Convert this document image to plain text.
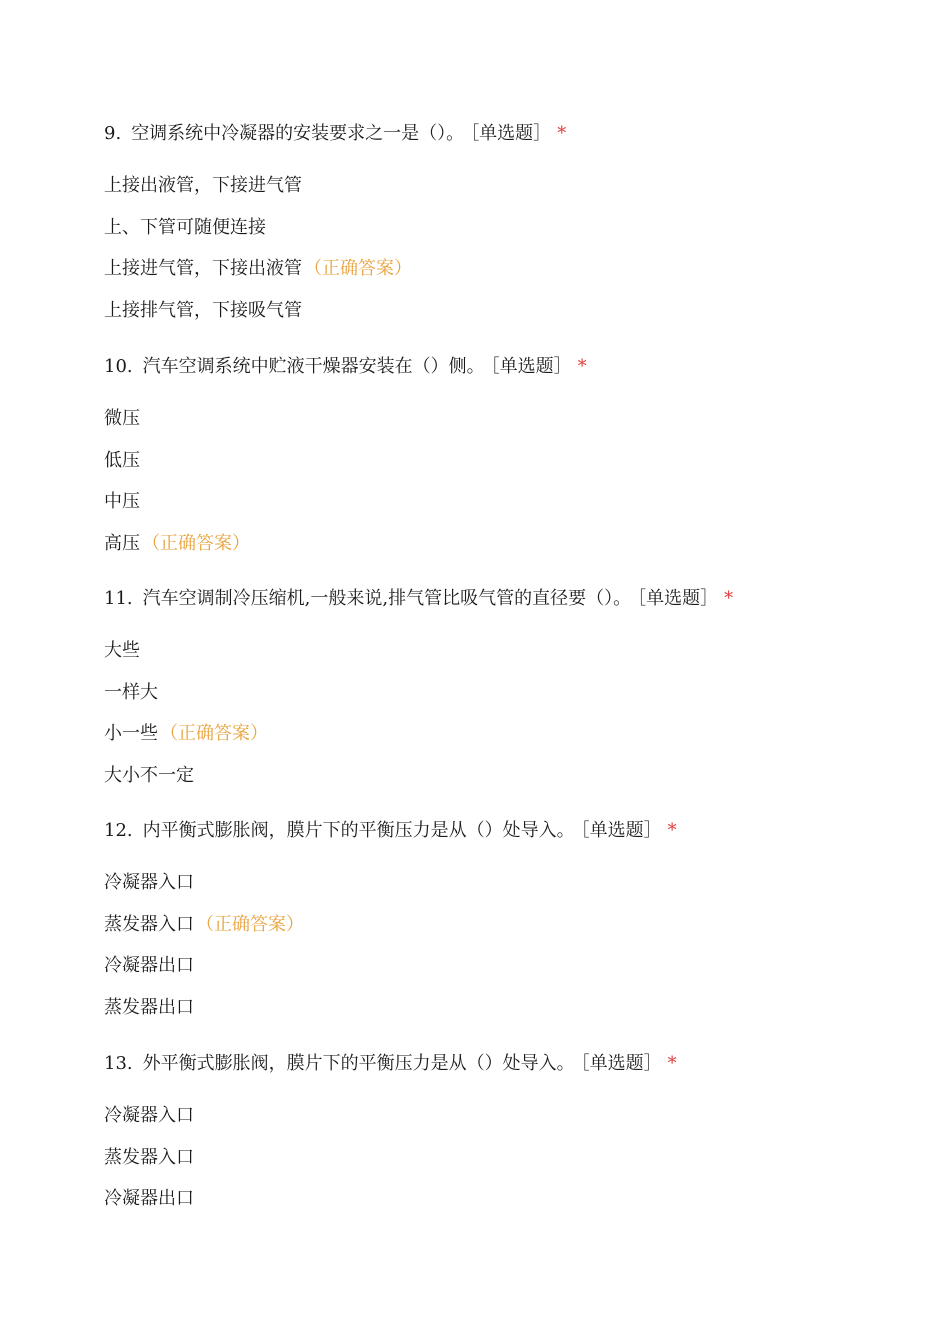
9. 空调系统中冷凝器的安装要求之一是（）。 ［单选题］ *

上接出液管，下接进气管
上、下管可随便连接
上接进气管，下接出液管 （正确答案）
上接排气管，下接吸气管

10. 汽车空调系统中贮液干燥器安装在（）侧。 ［单选题］ *

微压
低压
中压
高压 （正确答案）

11. 汽车空调制冷压缩机,一般来说,排气管比吸气管的直径要（）。 ［单选题］ *

大些
一样大
小一些 （正确答案）
大小不一定

12. 内平衡式膨胀阀，膜片下的平衡压力是从（）处导入。 ［单选题］ *

冷凝器入口
蒸发器入口 （正确答案）
冷凝器出口
蒸发器出口

13. 外平衡式膨胀阀，膜片下的平衡压力是从（）处导入。 ［单选题］ *

冷凝器入口
蒸发器入口
冷凝器出口
